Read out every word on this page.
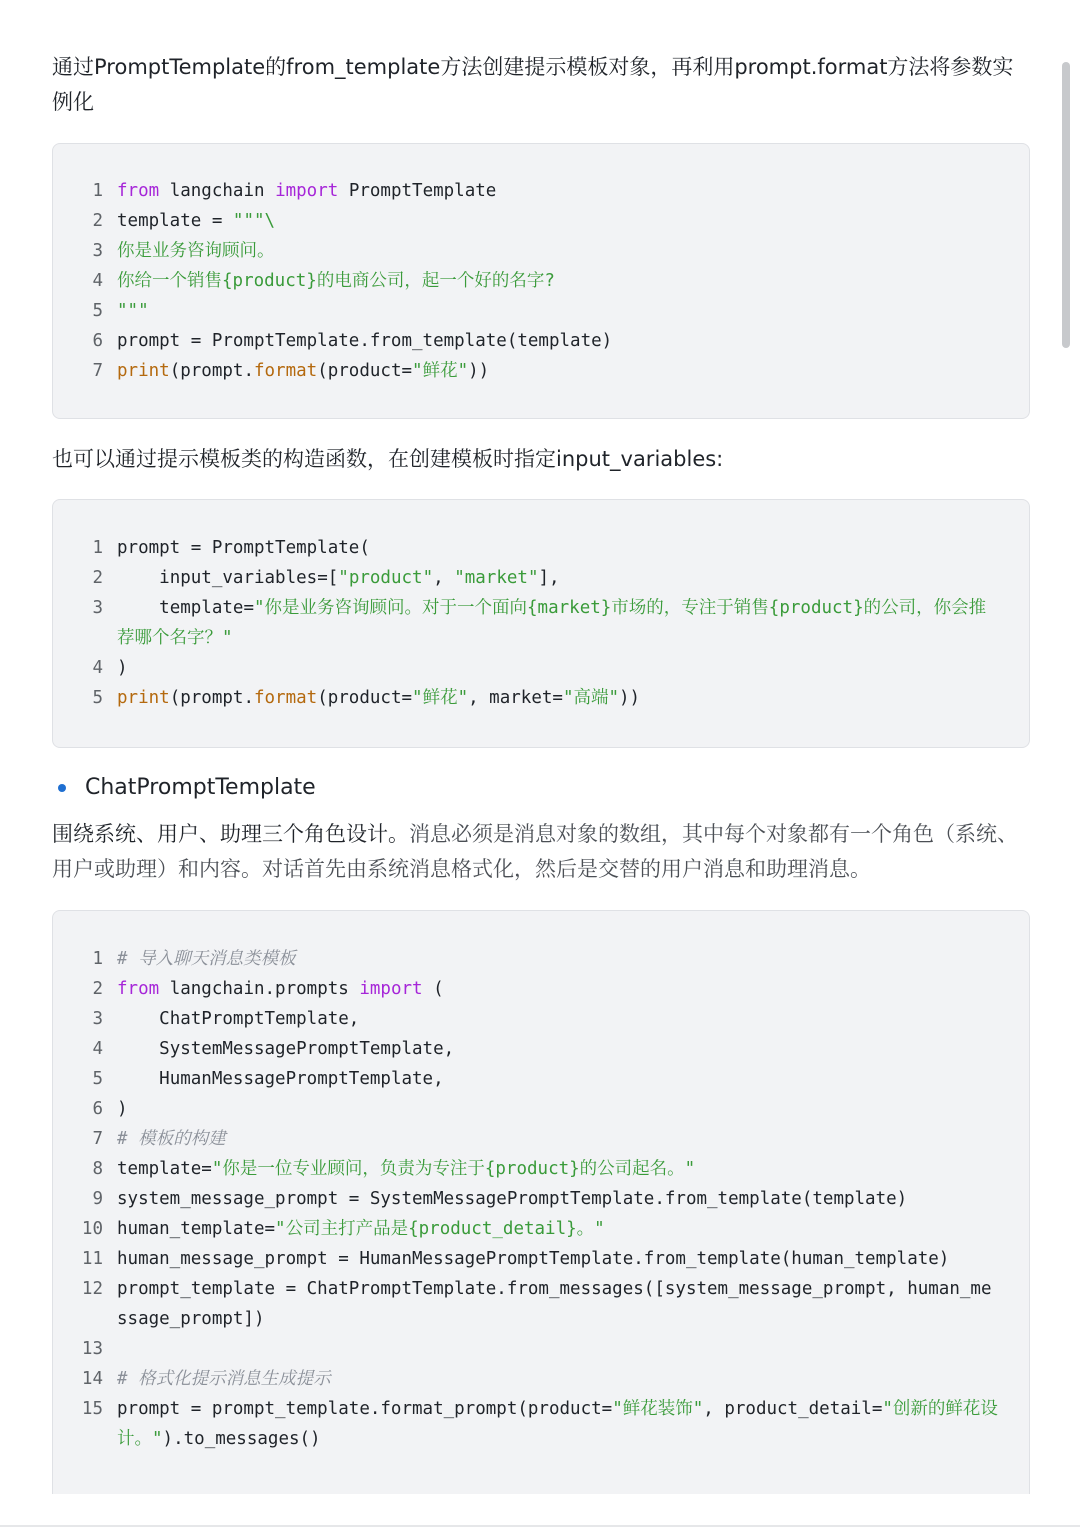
通过PromptTemplate的from_template方法创建提示模板对象，再利用prompt.format方法将参数实
例化

1 from langchain import PromptTemplate
2 template = """\
3 你是业务咨询顾问。
4 你给一个销售{product}的电商公司，起一个好的名字?
5 """
6 prompt = PromptTemplate.from_template(template)
7 print(prompt.format(product="鲜花"))

也可以通过提示模板类的构造函数，在创建模板时指定input_variables:

1 prompt = PromptTemplate(
2 input_variables=["product", "market"],
3 template="你是业务咨询顾问。对于一个面向{market}市场的，专注于销售{product}的公司，你会推荐哪个名字？"
4 )
5 print(prompt.format(product="鲜花", market="高端"))
ChatPromptTemplate

围绕系统、用户、助理三个角色设计。消息必须是消息对象的数组，其中每个对象都有一个角色（系统、用户或助理）和内容。对话首先由系统消息格式化，然后是交替的用户消息和助理消息。

1 # 导入聊天消息类模板
2 from langchain.prompts import (
3 ChatPromptTemplate,
4 SystemMessagePromptTemplate,
5 HumanMessagePromptTemplate,
6 )
7 # 模板的构建
8 template="你是一位专业顾问，负责为专注于{product}的公司起名。"
9 system_message_prompt = SystemMessagePromptTemplate.from_template(template)
10 human_template="公司主打产品是{product_detail}。"
11 human_message_prompt = HumanMessagePromptTemplate.from_template(human_template)
12 prompt_template = ChatPromptTemplate.from_messages([system_message_prompt, human_message_prompt])
13

14 # 格式化提示消息生成提示
15 prompt = prompt_template.format_prompt(product="鲜花装饰", product_detail="创新的鲜花设计。").to_messages()
